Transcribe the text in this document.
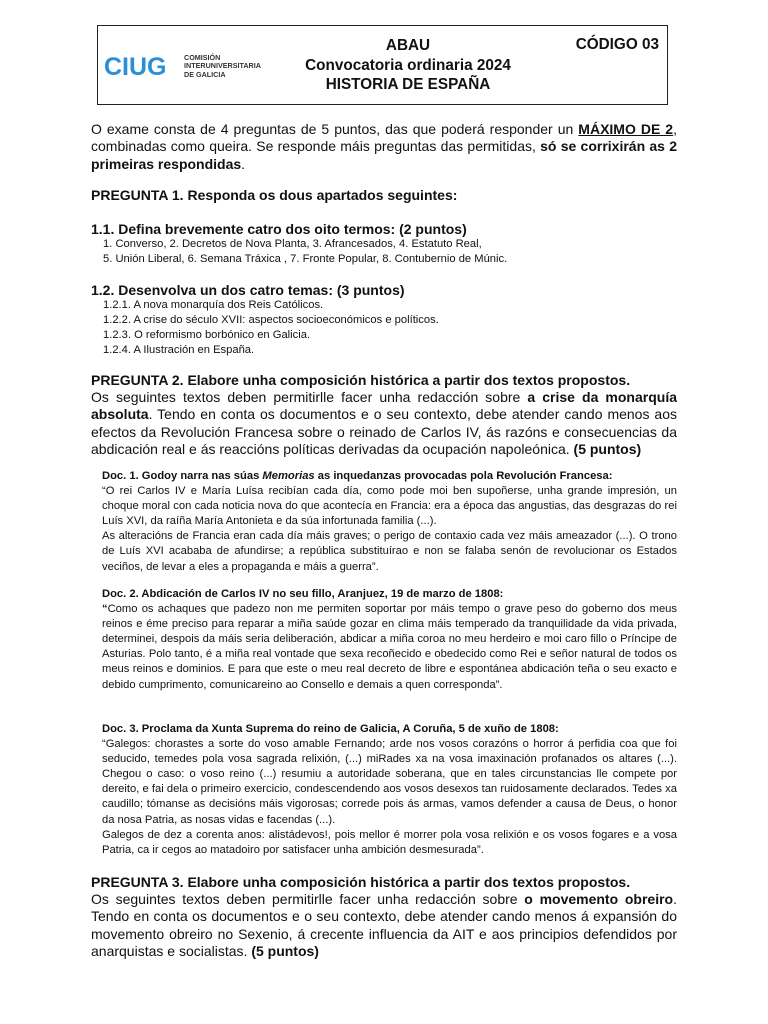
CIUG COMISIÓN
INTERUNIVERSITARIA
DE GALICIA
ABAU
Convocatoria ordinaria 2024
HISTORIA DE ESPAÑA
CÓDIGO 03
O exame consta de 4 preguntas de 5 puntos, das que poderá responder un MÁXIMO DE 2, combinadas como queira. Se responde máis preguntas das permitidas, só se corrixirán as 2 primeiras respondidas.
PREGUNTA 1. Responda os dous apartados seguintes:
1.1. Defina brevemente catro dos oito termos: (2 puntos)
1. Converso, 2. Decretos de Nova Planta, 3. Afrancesados, 4. Estatuto Real,
5. Unión Liberal, 6. Semana Tráxica , 7. Fronte Popular, 8. Contubernio de Múnic.
1.2. Desenvolva un dos catro temas: (3 puntos)
1.2.1. A nova monarquía dos Reis Católicos.
1.2.2. A crise do século XVII: aspectos socioeconómicos e políticos.
1.2.3. O reformismo borbónico en Galicia.
1.2.4. A Ilustración en España.
PREGUNTA 2. Elabore unha composición histórica a partir dos textos propostos.
Os seguintes textos deben permitirlle facer unha redacción sobre a crise da monarquía absoluta. Tendo en conta os documentos e o seu contexto, debe atender cando menos aos efectos da Revolución Francesa sobre o reinado de Carlos IV, ás razóns e consecuencias da abdicación real e ás reaccións políticas derivadas da ocupación napoleónica. (5 puntos)

Doc. 1. Godoy narra nas súas Memorias as inquedanzas provocadas pola Revolución Francesa:

“O rei Carlos IV e María Luísa recibían cada día, como pode moi ben supoñerse, unha grande impresión, un choque moral con cada noticia nova do que acontecía en Francia: era a época das angustias, das desgrazas do rei Luís XVI, da raíña María Antonieta e da súa infortunada familia (...).

As alteracións de Francia eran cada día máis graves; o perigo de contaxio cada vez máis ameazador (...). O trono de Luís XVI acababa de afundirse; a república substituírao e non se falaba senón de revolucionar os Estados veciños, de levar a eles a propaganda e máis a guerra”.

Doc. 2. Abdicación de Carlos IV no seu fillo, Aranjuez, 19 de marzo de 1808:

“Como os achaques que padezo non me permiten soportar por máis tempo o grave peso do goberno dos meus reinos e éme preciso para reparar a miña saúde gozar en clima máis temperado da tranquilidade da vida privada, determinei, despois da máis seria deliberación, abdicar a miña coroa no meu herdeiro e moi caro fillo o Príncipe de Asturias. Polo tanto, é a miña real vontade que sexa recoñecido e obedecido como Rei e señor natural de todos os meus reinos e dominios. E para que este o meu real decreto de libre e espontánea abdicación teña o seu exacto e debido cumprimento, comunicareino ao Consello e demais a quen corresponda”.

Doc. 3. Proclama da Xunta Suprema do reino de Galicia, A Coruña, 5 de xuño de 1808:

“Galegos: chorastes a sorte do voso amable Fernando; arde nos vosos corazóns o horror á perfidia coa que foi seducido, temedes pola vosa sagrada relixión, (...) miRades xa na vosa imaxinación profanados os altares (...). Chegou o caso: o voso reino (...) resumiu a autoridade soberana, que en tales circunstancias lle compete por dereito, e fai dela o primeiro exercicio, condescendendo aos vosos desexos tan ruidosamente declarados. Tedes xa caudillo; tómanse as decisións máis vigorosas; correde pois ás armas, vamos defender a causa de Deus, o honor da nosa Patria, as nosas vidas e facendas (...).

Galegos de dez a corenta anos: alistádevos!, pois mellor é morrer pola vosa relixión e os vosos fogares e a vosa Patria, ca ir cegos ao matadoiro por satisfacer unha ambición desmesurada”.

PREGUNTA 3. Elabore unha composición histórica a partir dos textos propostos.
Os seguintes textos deben permitirlle facer unha redacción sobre o movemento obreiro. Tendo en conta os documentos e o seu contexto, debe atender cando menos á expansión do movemento obreiro no Sexenio, á crecente influencia da AIT e aos principios defendidos por anarquistas e socialistas. (5 puntos)
